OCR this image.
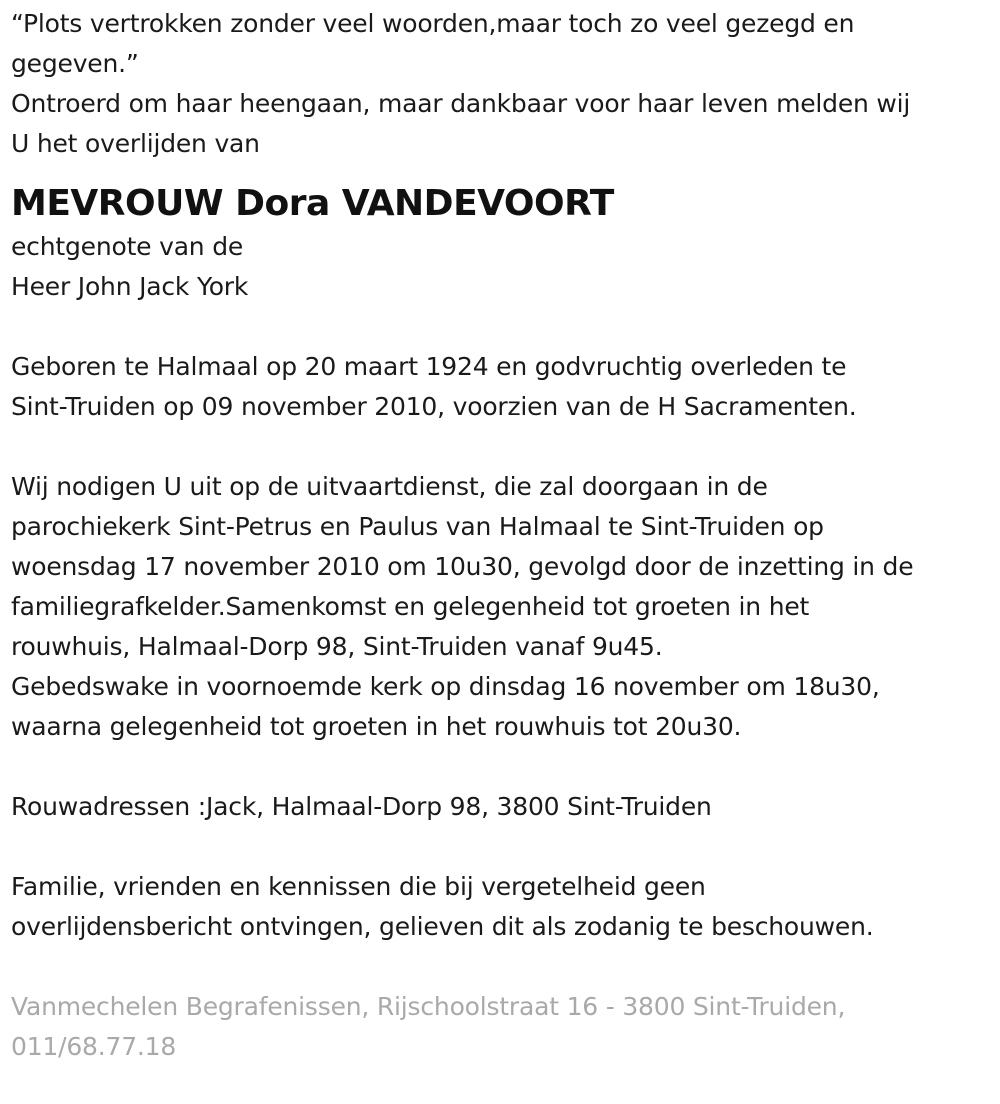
“Plots vertrokken zonder veel woorden,maar toch zo veel gezegd en
gegeven.”
Ontroerd om haar heengaan, maar dankbaar voor haar leven melden wij
U het overlijden van
MEVROUW Dora VANDEVOORT
echtgenote van de
Heer John Jack York
Geboren te Halmaal op 20 maart 1924 en godvruchtig overleden te
Sint-Truiden op 09 november 2010, voorzien van de H Sacramenten.
Wij nodigen U uit op de uitvaartdienst, die zal doorgaan in de
parochiekerk Sint-Petrus en Paulus van Halmaal te Sint-Truiden op
woensdag 17 november 2010 om 10u30, gevolgd door de inzetting in de
familiegrafkelder.Samenkomst en gelegenheid tot groeten in het
rouwhuis, Halmaal-Dorp 98, Sint-Truiden vanaf 9u45.
Gebedswake in voornoemde kerk op dinsdag 16 november om 18u30,
waarna gelegenheid tot groeten in het rouwhuis tot 20u30.
Rouwadressen :Jack, Halmaal-Dorp 98, 3800 Sint-Truiden
Familie, vrienden en kennissen die bij vergetelheid geen
overlijdensbericht ontvingen, gelieven dit als zodanig te beschouwen.
Vanmechelen Begrafenissen, Rijschoolstraat 16 - 3800 Sint-Truiden,
011/68.77.18
